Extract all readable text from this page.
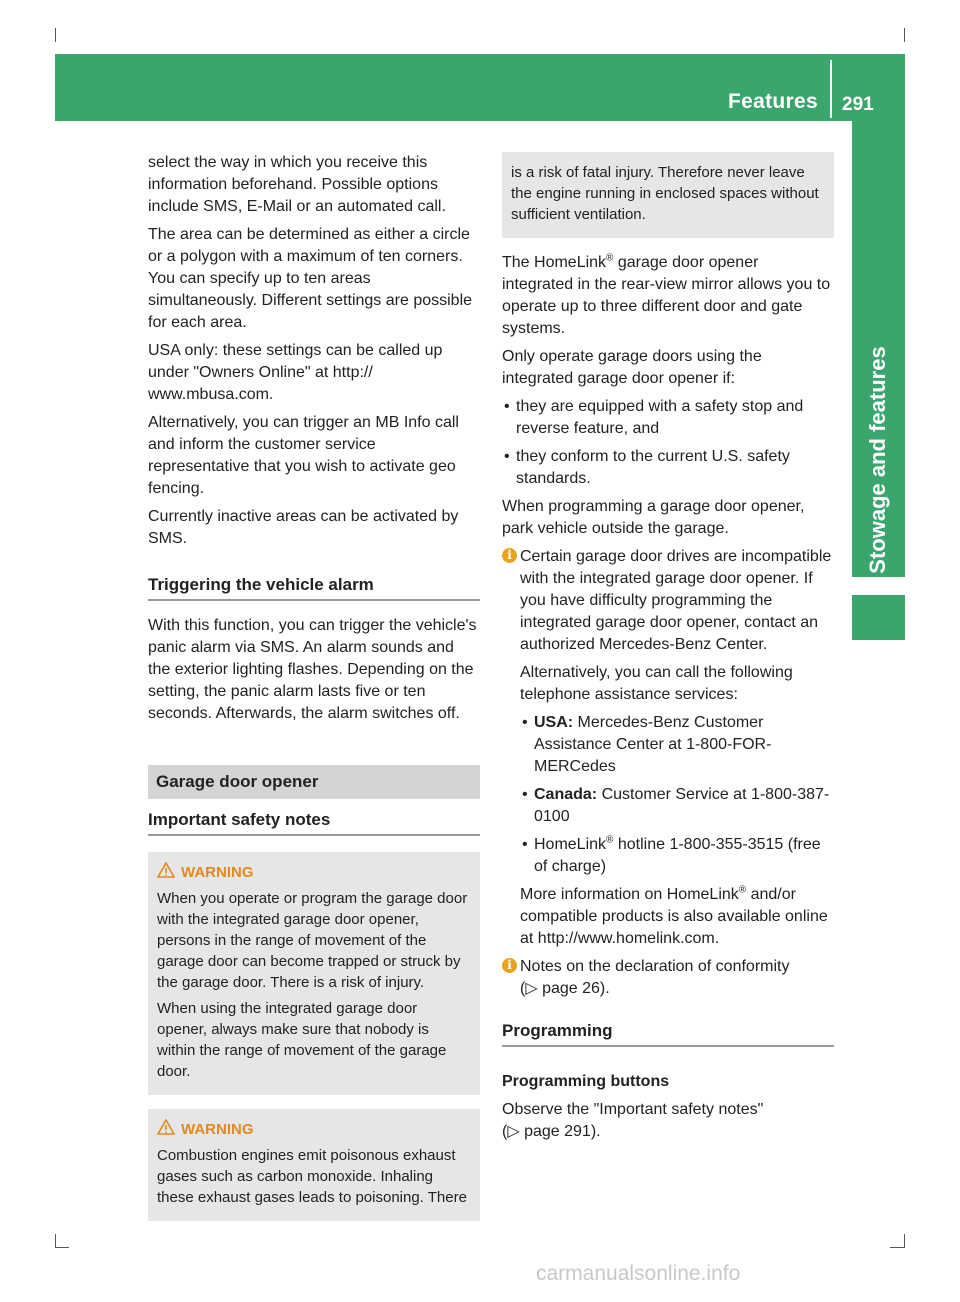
Features 291
Stowage and features

select the way in which you receive this information beforehand. Possible options include SMS, E-Mail or an automated call.

The area can be determined as either a circle or a polygon with a maximum of ten corners. You can specify up to ten areas simultaneously. Different settings are possible for each area.

USA only: these settings can be called up under "Owners Online" at http:// www.mbusa.com.

Alternatively, you can trigger an MB Info call and inform the customer service representative that you wish to activate geo fencing.

Currently inactive areas can be activated by SMS.

Triggering the vehicle alarm

With this function, you can trigger the vehicle's panic alarm via SMS. An alarm sounds and the exterior lighting flashes. Depending on the setting, the panic alarm lasts five or ten seconds. Afterwards, the alarm switches off.

Garage door opener
Important safety notes
WARNING

When you operate or program the garage door with the integrated garage door opener, persons in the range of movement of the garage door can become trapped or struck by the garage door. There is a risk of injury.

When using the integrated garage door opener, always make sure that nobody is within the range of movement of the garage door.

WARNING

Combustion engines emit poisonous exhaust gases such as carbon monoxide. Inhaling these exhaust gases leads to poisoning. There

is a risk of fatal injury. Therefore never leave the engine running in enclosed spaces without sufficient ventilation.

The HomeLink® garage door opener integrated in the rear-view mirror allows you to operate up to three different door and gate systems.

Only operate garage doors using the integrated garage door opener if:

• they are equipped with a safety stop and reverse feature, and

• they conform to the current U.S. safety standards.

When programming a garage door opener, park vehicle outside the garage.

i Certain garage door drives are incompatible with the integrated garage door opener. If you have difficulty programming the integrated garage door opener, contact an authorized Mercedes-Benz Center.

Alternatively, you can call the following telephone assistance services:

• USA: Mercedes-Benz Customer Assistance Center at 1-800-FOR-MERCedes

• Canada: Customer Service at 1-800-387-0100

• HomeLink® hotline 1-800-355-3515 (free of charge)

More information on HomeLink® and/or compatible products is also available online at http://www.homelink.com.

i Notes on the declaration of conformity
(▷ page 26).

Programming

Programming buttons

Observe the "Important safety notes"
(▷ page 291).

carmanualsonline.info
